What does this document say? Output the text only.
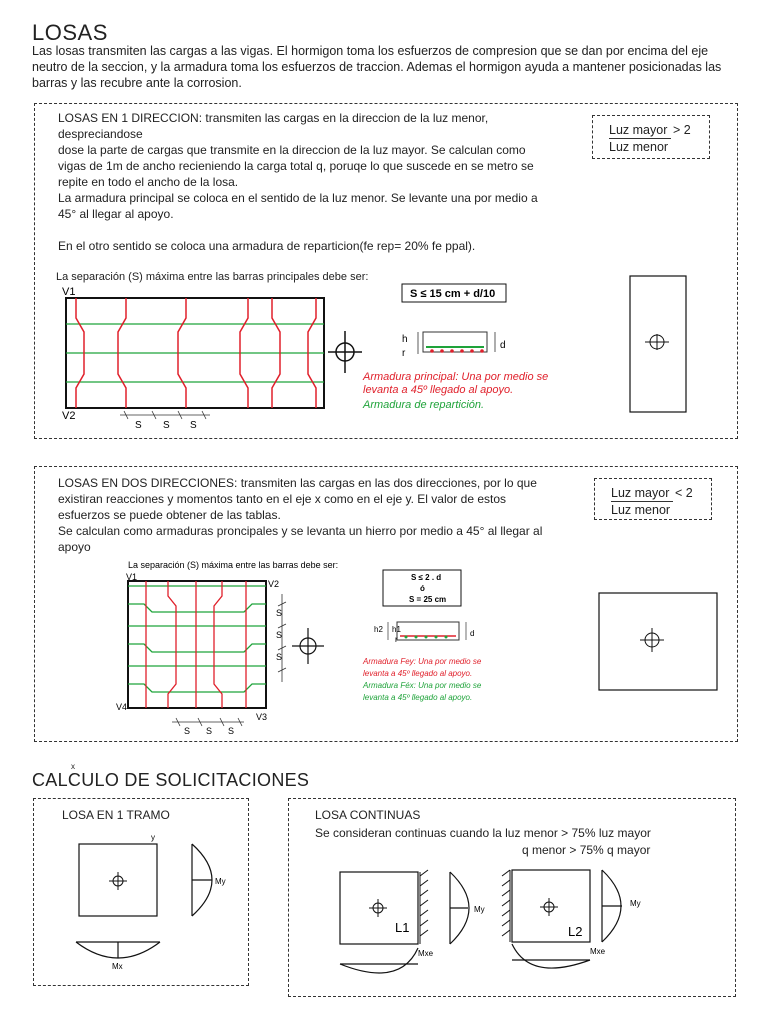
LOSAS
Las losas transmiten las cargas a las vigas. El hormigon toma los esfuerzos de compresion que se dan por encima del eje
neutro de la seccion, y la armadura toma los esfuerzos de traccion. Ademas el hormigon ayuda a mantener posicionadas las
barras y las recubre ante la corrosion.
LOSAS EN 1 DIRECCION: transmiten las cargas en la direccion de la luz menor, despreciandose
dose la parte de cargas que transmite en la direccion de la luz mayor. Se calculan como
vigas de 1m de ancho recieniendo la carga total q, poruqe lo que suscede en se metro se
repite en todo el ancho de la losa.
La armadura principal se coloca en el sentido de la luz menor. Se levante una por medio a
45° al llegar al apoyo.
En el otro sentido se coloca una armadura de reparticion(fe rep= 20% fe ppal).
Luz mayor
Luz menor
> 2
La separación (S) máxima entre las barras principales debe ser:
V1
V2
S S S
S ≤ 15 cm + d/10
h
r
d
Armadura principal: Una por medio se
levanta a 45º llegado al apoyo.
Armadura de repartición.
LOSAS EN DOS DIRECCIONES: transmiten las cargas en las dos direcciones, por lo que
existiran reacciones y momentos tanto en el eje x como en el eje y. El valor de estos
esfuerzos se puede obtener de las tablas.
Se calculan como armaduras proncipales y se levanta un hierro por medio a 45° al llegar al
apoyo
Luz mayor
Luz menor
< 2
La separación (S) máxima entre las barras debe ser:
V1
V2
V3
V4
S
S
S
S S S
S ≤ 2 . d
ó
S = 25 cm
h2 h1
r
d
Armadura Fey: Una por medio se
levanta a 45º llegado al apoyo.
Armadura Féx: Una por medio se
levanta a 45º llegado al apoyo.
x
CALCULO DE SOLICITACIONES
LOSA EN 1 TRAMO
y
My
Mx
LOSA CONTINUAS
Se consideran continuas cuando la luz menor > 75% luz mayor
q menor > 75% q mayor
L1
My
Mxe
L2
My
Mxe
